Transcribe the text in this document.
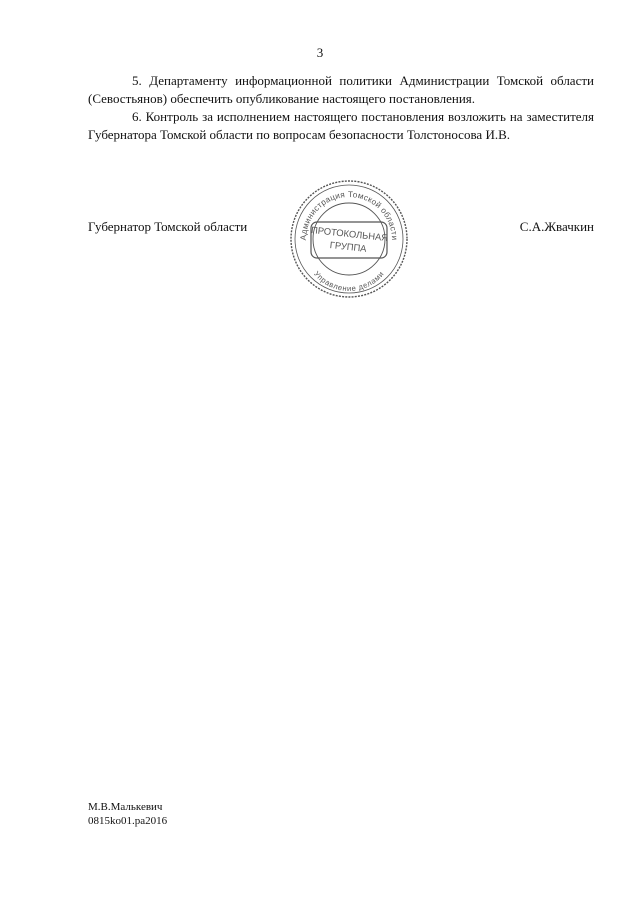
3

5. Департаменту информационной политики Администрации Томской области (Севостьянов) обеспечить опубликование настоящего постановления.

6. Контроль за исполнением настоящего постановления возложить на заместителя Губернатора Томской области по вопросам безопасности Толстоносова И.В.

Губернатор Томской области	С.А.Жвачкин
Администрация Томской области
Управление делами
ПРОТОКОЛЬНАЯ
ГРУППА
М.В.Малькевич
0815ko01.pa2016
